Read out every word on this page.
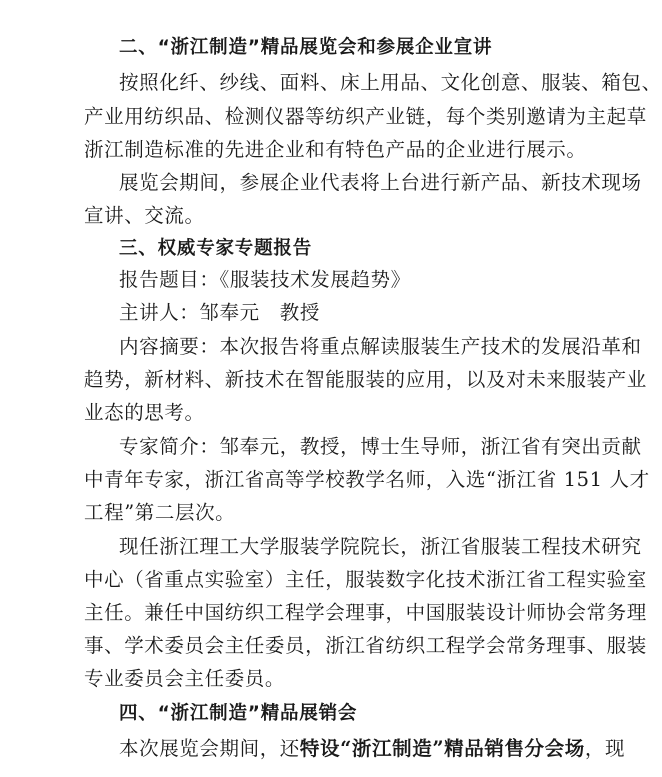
二、“浙江制造”精品展览会和参展企业宣讲
按照化纤、纱线、面料、床上用品、文化创意、服装、箱包、
产业用纺织品、检测仪器等纺织产业链，每个类别邀请为主起草
浙江制造标准的先进企业和有特色产品的企业进行展示。
展览会期间，参展企业代表将上台进行新产品、新技术现场
宣讲、交流。
三、权威专家专题报告
报告题目：《服装技术发展趋势》
主讲人：邹奉元　教授
内容摘要：本次报告将重点解读服装生产技术的发展沿革和
趋势，新材料、新技术在智能服装的应用，以及对未来服装产业
业态的思考。
专家简介：邹奉元，教授，博士生导师，浙江省有突出贡献
中青年专家，浙江省高等学校教学名师，入选“浙江省 151 人才
工程”第二层次。
现任浙江理工大学服装学院院长，浙江省服装工程技术研究
中心（省重点实验室）主任，服装数字化技术浙江省工程实验室
主任。兼任中国纺织工程学会理事，中国服装设计师协会常务理
事、学术委员会主任委员，浙江省纺织工程学会常务理事、服装
专业委员会主任委员。
四、“浙江制造”精品展销会
本次展览会期间，还特设“浙江制造”精品销售分会场，现
